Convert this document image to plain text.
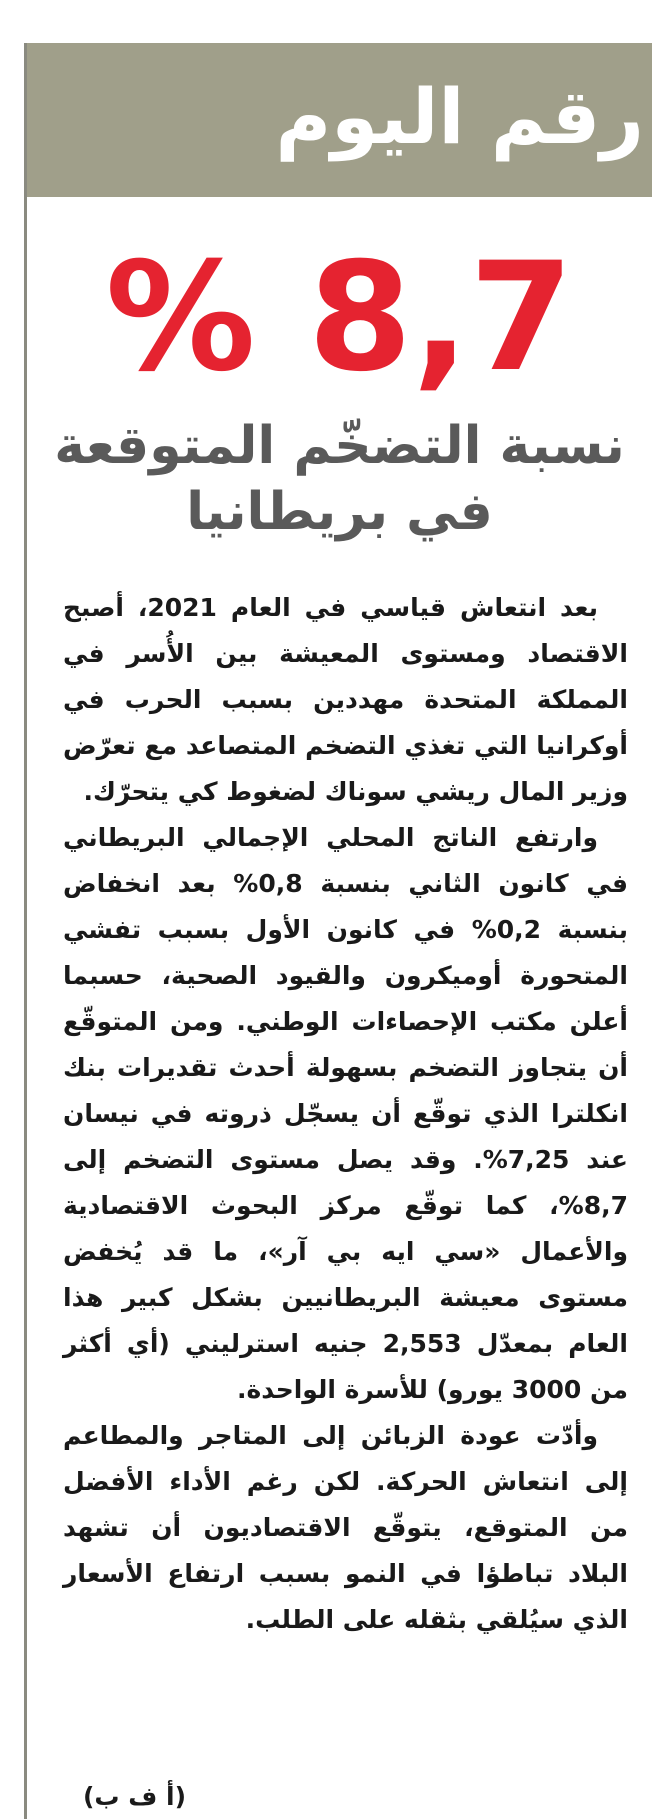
رقم اليوم
% 8,7
نسبة التضخّم المتوقعة
في بريطانيا

بعد انتعاش قياسي في العام 2021، أصبح الاقتصاد ومستوى المعيشة بين الأُسر في المملكة المتحدة مهددين بسبب الحرب في أوكرانيا التي تغذي التضخم المتصاعد مع تعرّض وزير المال ريشي سوناك لضغوط كي يتحرّك.

وارتفع الناتج المحلي الإجمالي البريطاني في كانون الثاني بنسبة 0,8% بعد انخفاض بنسبة 0,2% في كانون الأول بسبب تفشي المتحورة أوميكرون والقيود الصحية، حسبما أعلن مكتب الإحصاءات الوطني. ومن المتوقّع أن يتجاوز التضخم بسهولة أحدث تقديرات بنك انكلترا الذي توقّع أن يسجّل ذروته في نيسان عند 7,25%. وقد يصل مستوى التضخم إلى 8,7%، كما توقّع مركز البحوث الاقتصادية والأعمال «سي ايه بي آر»، ما قد يُخفض مستوى معيشة البريطانيين بشكل كبير هذا العام بمعدّل 2,553 جنيه استرليني (أي أكثر من 3000 يورو) للأسرة الواحدة.

وأدّت عودة الزبائن إلى المتاجر والمطاعم إلى انتعاش الحركة. لكن رغم الأداء الأفضل من المتوقع، يتوقّع الاقتصاديون أن تشهد البلاد تباطؤا في النمو بسبب ارتفاع الأسعار الذي سيُلقي بثقله على الطلب.

(أ ف ب)
